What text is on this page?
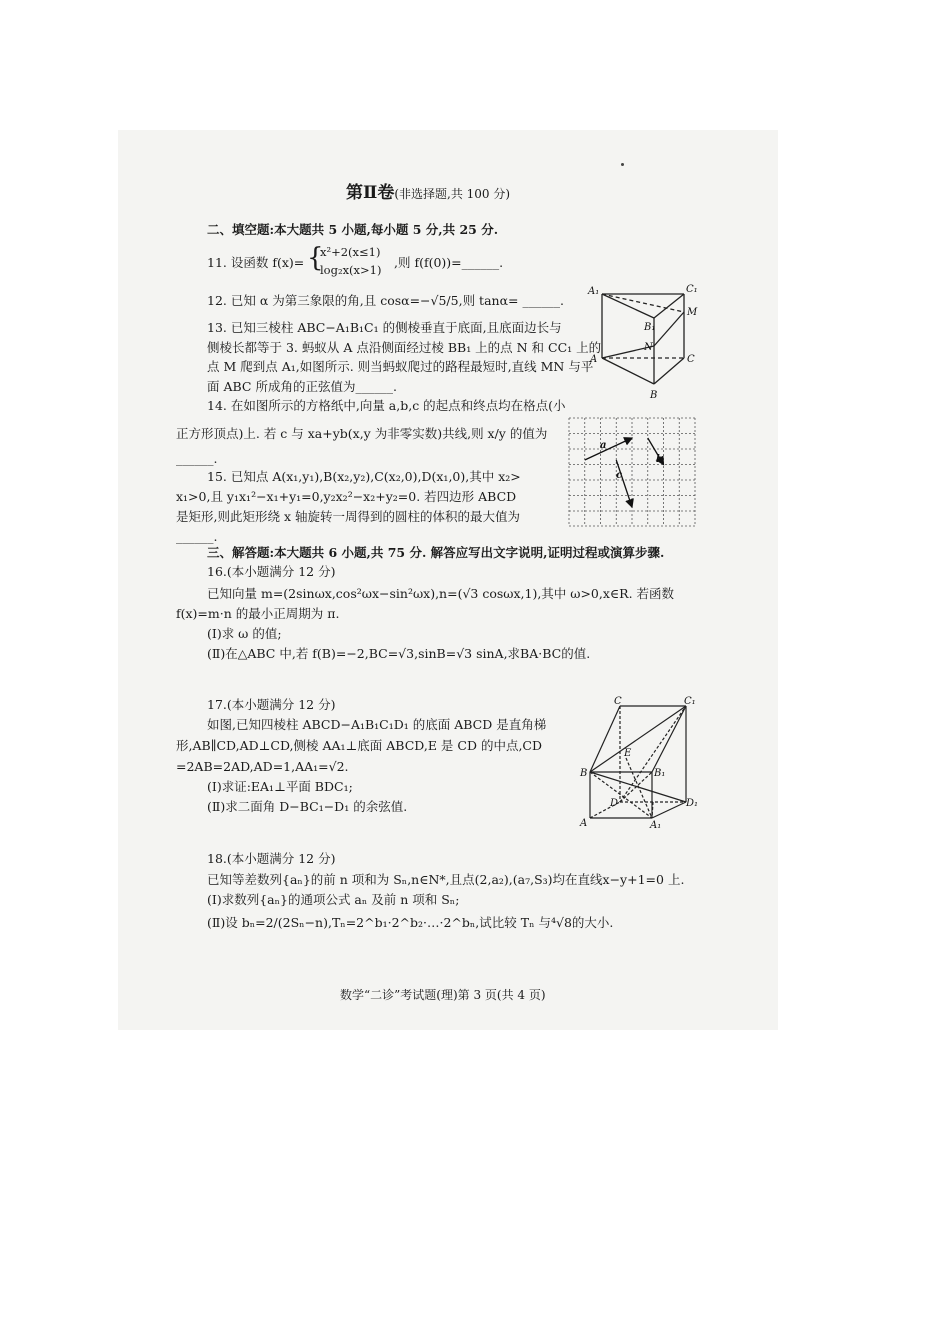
第Ⅱ卷(非选择题,共 100 分)
二、填空题:本大题共 5 小题,每小题 5 分,共 25 分.
11. 设函数 f(x)= {
x²+2(x≤1)
log₂x(x>1) ,则 f(f(0))=______.
12. 已知 α 为第三象限的角,且 cosα=−√5/5,则 tanα= ______.
13. 已知三棱柱 ABC−A₁B₁C₁ 的侧棱垂直于底面,且底面边长与
侧棱长都等于 3. 蚂蚁从 A 点沿侧面经过棱 BB₁ 上的点 N 和 CC₁ 上的
点 M 爬到点 A₁,如图所示. 则当蚂蚁爬过的路程最短时,直线 MN 与平
面 ABC 所成角的正弦值为______.
A₁	C₁
B₁
M
N
A	C
B
14. 在如图所示的方格纸中,向量 a,b,c 的起点和终点均在格点(小
正方形顶点)上. 若 c 与 xa+yb(x,y 为非零实数)共线,则 x/y 的值为
______.
a
b
c
15. 已知点 A(x₁,y₁),B(x₂,y₂),C(x₂,0),D(x₁,0),其中 x₂>
x₁>0,且 y₁x₁²−x₁+y₁=0,y₂x₂²−x₂+y₂=0. 若四边形 ABCD
是矩形,则此矩形绕 x 轴旋转一周得到的圆柱的体积的最大值为
______.
三、解答题:本大题共 6 小题,共 75 分. 解答应写出文字说明,证明过程或演算步骤.
16.(本小题满分 12 分)
已知向量 m=(2sinωx,cos²ωx−sin²ωx),n=(√3 cosωx,1),其中 ω>0,x∈R. 若函数
f(x)=m·n 的最小正周期为 π.
(Ⅰ)求 ω 的值;
(Ⅱ)在△ABC 中,若 f(B)=−2,BC=√3,sinB=√3 sinA,求BA·BC的值.
17.(本小题满分 12 分)
如图,已知四棱柱 ABCD−A₁B₁C₁D₁ 的底面 ABCD 是直角梯
形,AB∥CD,AD⊥CD,侧棱 AA₁⊥底面 ABCD,E 是 CD 的中点,CD
=2AB=2AD,AD=1,AA₁=√2.
(Ⅰ)求证:EA₁⊥平面 BDC₁;
(Ⅱ)求二面角 D−BC₁−D₁ 的余弦值.
C	C₁
E
B	B₁
D	D₁
A	A₁
18.(本小题满分 12 分)
已知等差数列{aₙ}的前 n 项和为 Sₙ,n∈N*,且点(2,a₂),(a₇,S₃)均在直线x−y+1=0 上.
(Ⅰ)求数列{aₙ}的通项公式 aₙ 及前 n 项和 Sₙ;
(Ⅱ)设 bₙ=2/(2Sₙ−n),Tₙ=2^b₁·2^b₂·…·2^bₙ,试比较 Tₙ 与⁴√8的大小.
数学“二诊”考试题(理)第 3 页(共 4 页)
